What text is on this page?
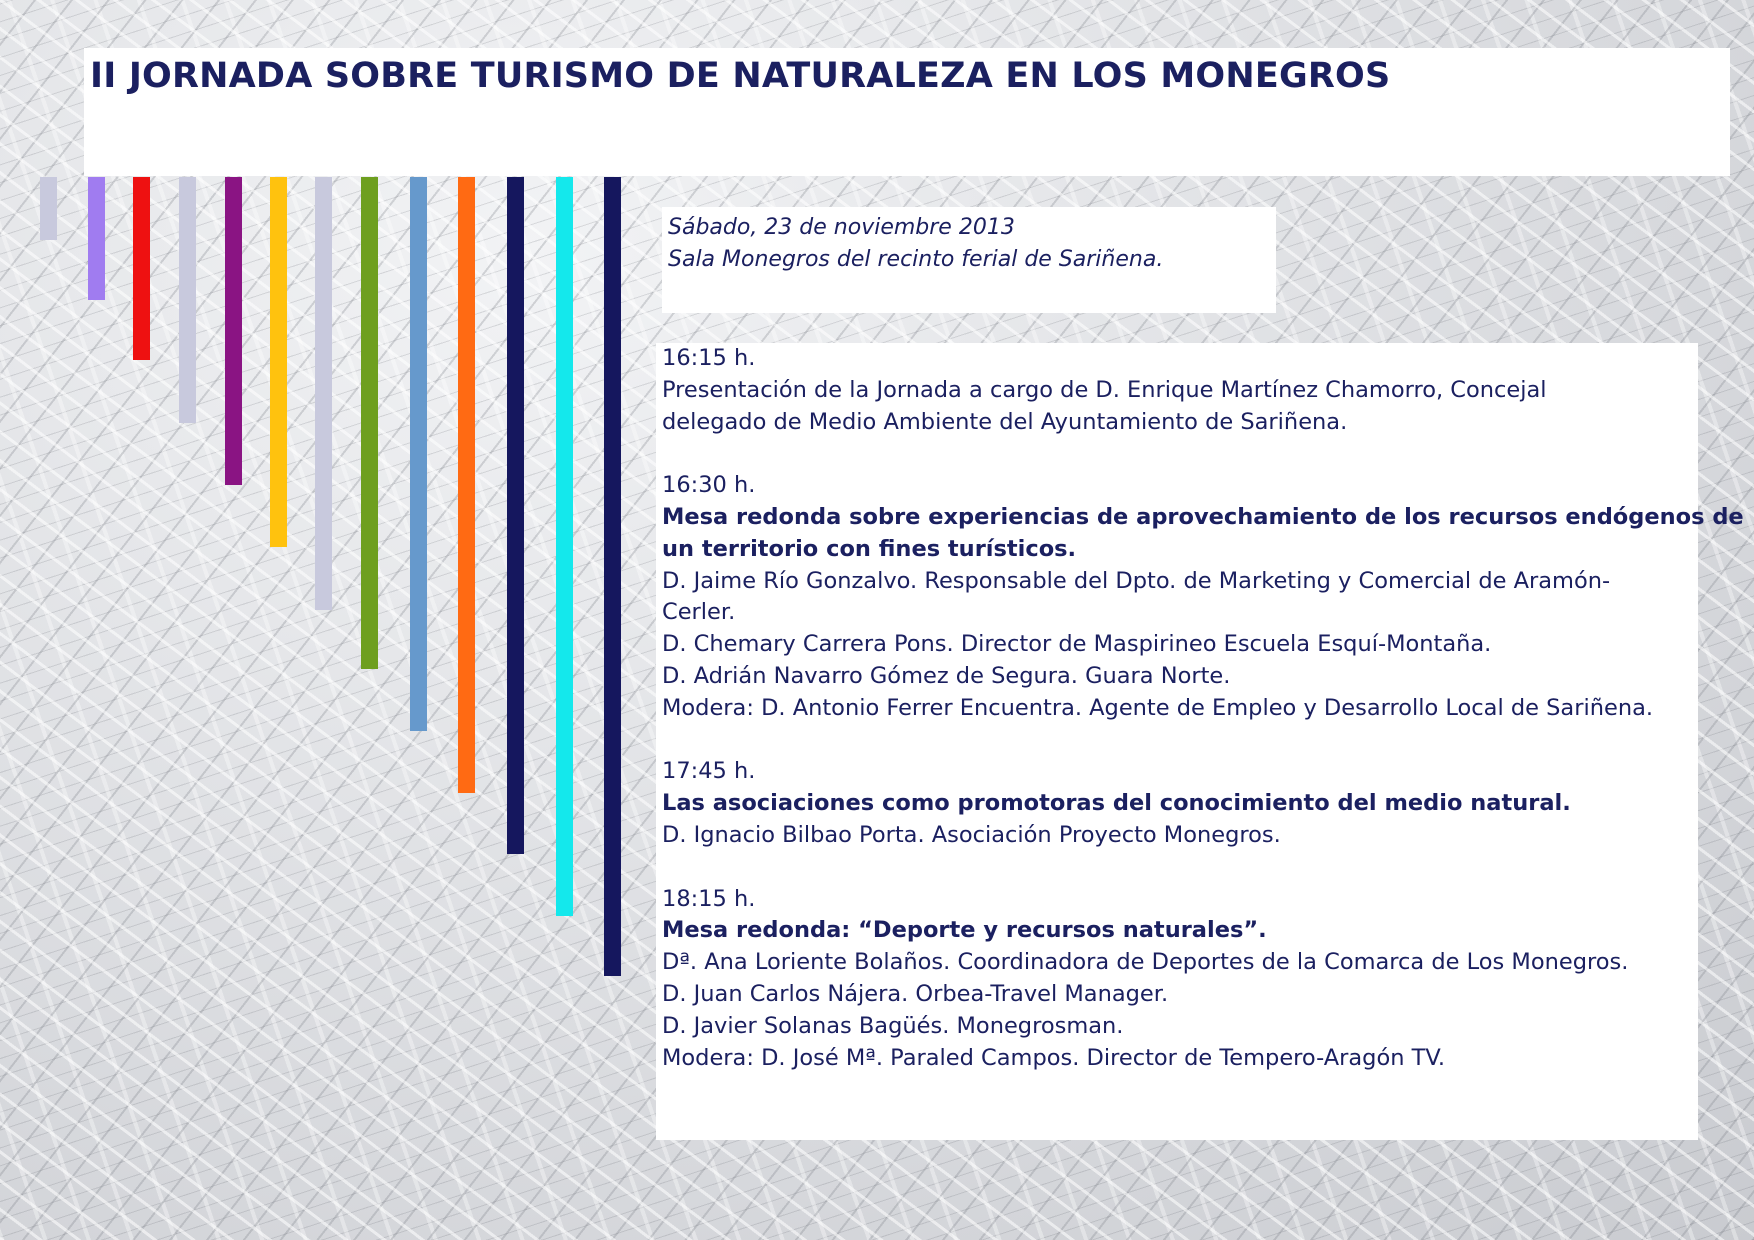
II JORNADA SOBRE TURISMO DE NATURALEZA EN LOS MONEGROS
Sábado, 23 de noviembre 2013
Sala Monegros del recinto ferial de Sariñena.
16:15 h.
Presentación de la Jornada a cargo de D. Enrique Martínez Chamorro, Concejal
delegado de Medio Ambiente del Ayuntamiento de Sariñena.
16:30 h.
Mesa redonda sobre experiencias de aprovechamiento de los recursos endógenos de
un territorio con fines turísticos.
D. Jaime Río Gonzalvo. Responsable del Dpto. de Marketing y Comercial de Aramón-
Cerler.
D. Chemary Carrera Pons. Director de Maspirineo Escuela Esquí-Montaña.
D. Adrián Navarro Gómez de Segura. Guara Norte.
Modera: D. Antonio Ferrer Encuentra. Agente de Empleo y Desarrollo Local de Sariñena.
17:45 h.
Las asociaciones como promotoras del conocimiento del medio natural.
D. Ignacio Bilbao Porta. Asociación Proyecto Monegros.
18:15 h.
Mesa redonda: “Deporte y recursos naturales”.
Dª. Ana Loriente Bolaños. Coordinadora de Deportes de la Comarca de Los Monegros.
D. Juan Carlos Nájera. Orbea-Travel Manager.
D. Javier Solanas Bagüés. Monegrosman.
Modera: D. José Mª. Paraled Campos. Director de Tempero-Aragón TV.
